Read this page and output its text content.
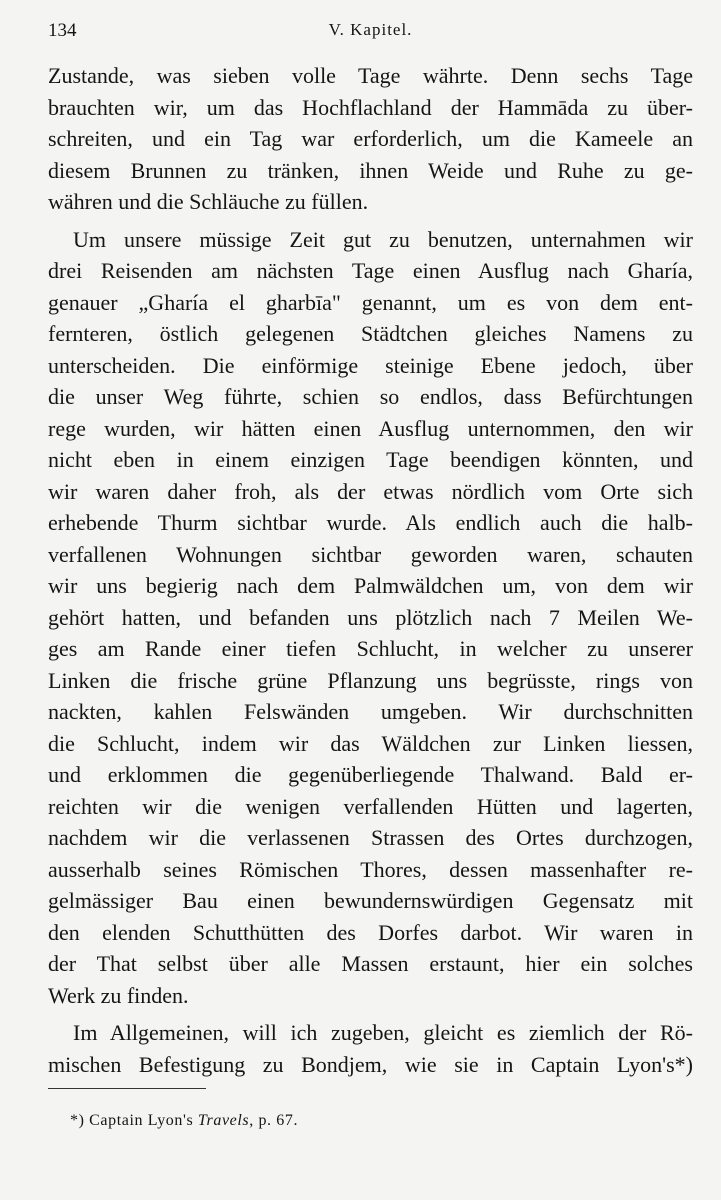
134	V. Kapitel.
Zustande, was sieben volle Tage währte. Denn sechs Tage
brauchten wir, um das Hochflachland der Hammāda zu über-
schreiten, und ein Tag war erforderlich, um die Kameele an
diesem Brunnen zu tränken, ihnen Weide und Ruhe zu ge-
währen und die Schläuche zu füllen.
Um unsere müssige Zeit gut zu benutzen, unternahmen wir
drei Reisenden am nächsten Tage einen Ausflug nach Gharía,
genauer „Gharía el gharbīa" genannt, um es von dem ent-
fernteren, östlich gelegenen Städtchen gleiches Namens zu
unterscheiden. Die einförmige steinige Ebene jedoch, über
die unser Weg führte, schien so endlos, dass Befürchtungen
rege wurden, wir hätten einen Ausflug unternommen, den wir
nicht eben in einem einzigen Tage beendigen könnten, und
wir waren daher froh, als der etwas nördlich vom Orte sich
erhebende Thurm sichtbar wurde. Als endlich auch die halb-
verfallenen Wohnungen sichtbar geworden waren, schauten
wir uns begierig nach dem Palmwäldchen um, von dem wir
gehört hatten, und befanden uns plötzlich nach 7 Meilen We-
ges am Rande einer tiefen Schlucht, in welcher zu unserer
Linken die frische grüne Pflanzung uns begrüsste, rings von
nackten, kahlen Felswänden umgeben. Wir durchschnitten
die Schlucht, indem wir das Wäldchen zur Linken liessen,
und erklommen die gegenüberliegende Thalwand. Bald er-
reichten wir die wenigen verfallenden Hütten und lagerten,
nachdem wir die verlassenen Strassen des Ortes durchzogen,
ausserhalb seines Römischen Thores, dessen massenhafter re-
gelmässiger Bau einen bewundernswürdigen Gegensatz mit
den elenden Schutthütten des Dorfes darbot. Wir waren in
der That selbst über alle Massen erstaunt, hier ein solches
Werk zu finden.
Im Allgemeinen, will ich zugeben, gleicht es ziemlich der Rö-
mischen Befestigung zu Bondjem, wie sie in Captain Lyon's*)
*) Captain Lyon's Travels, p. 67.
